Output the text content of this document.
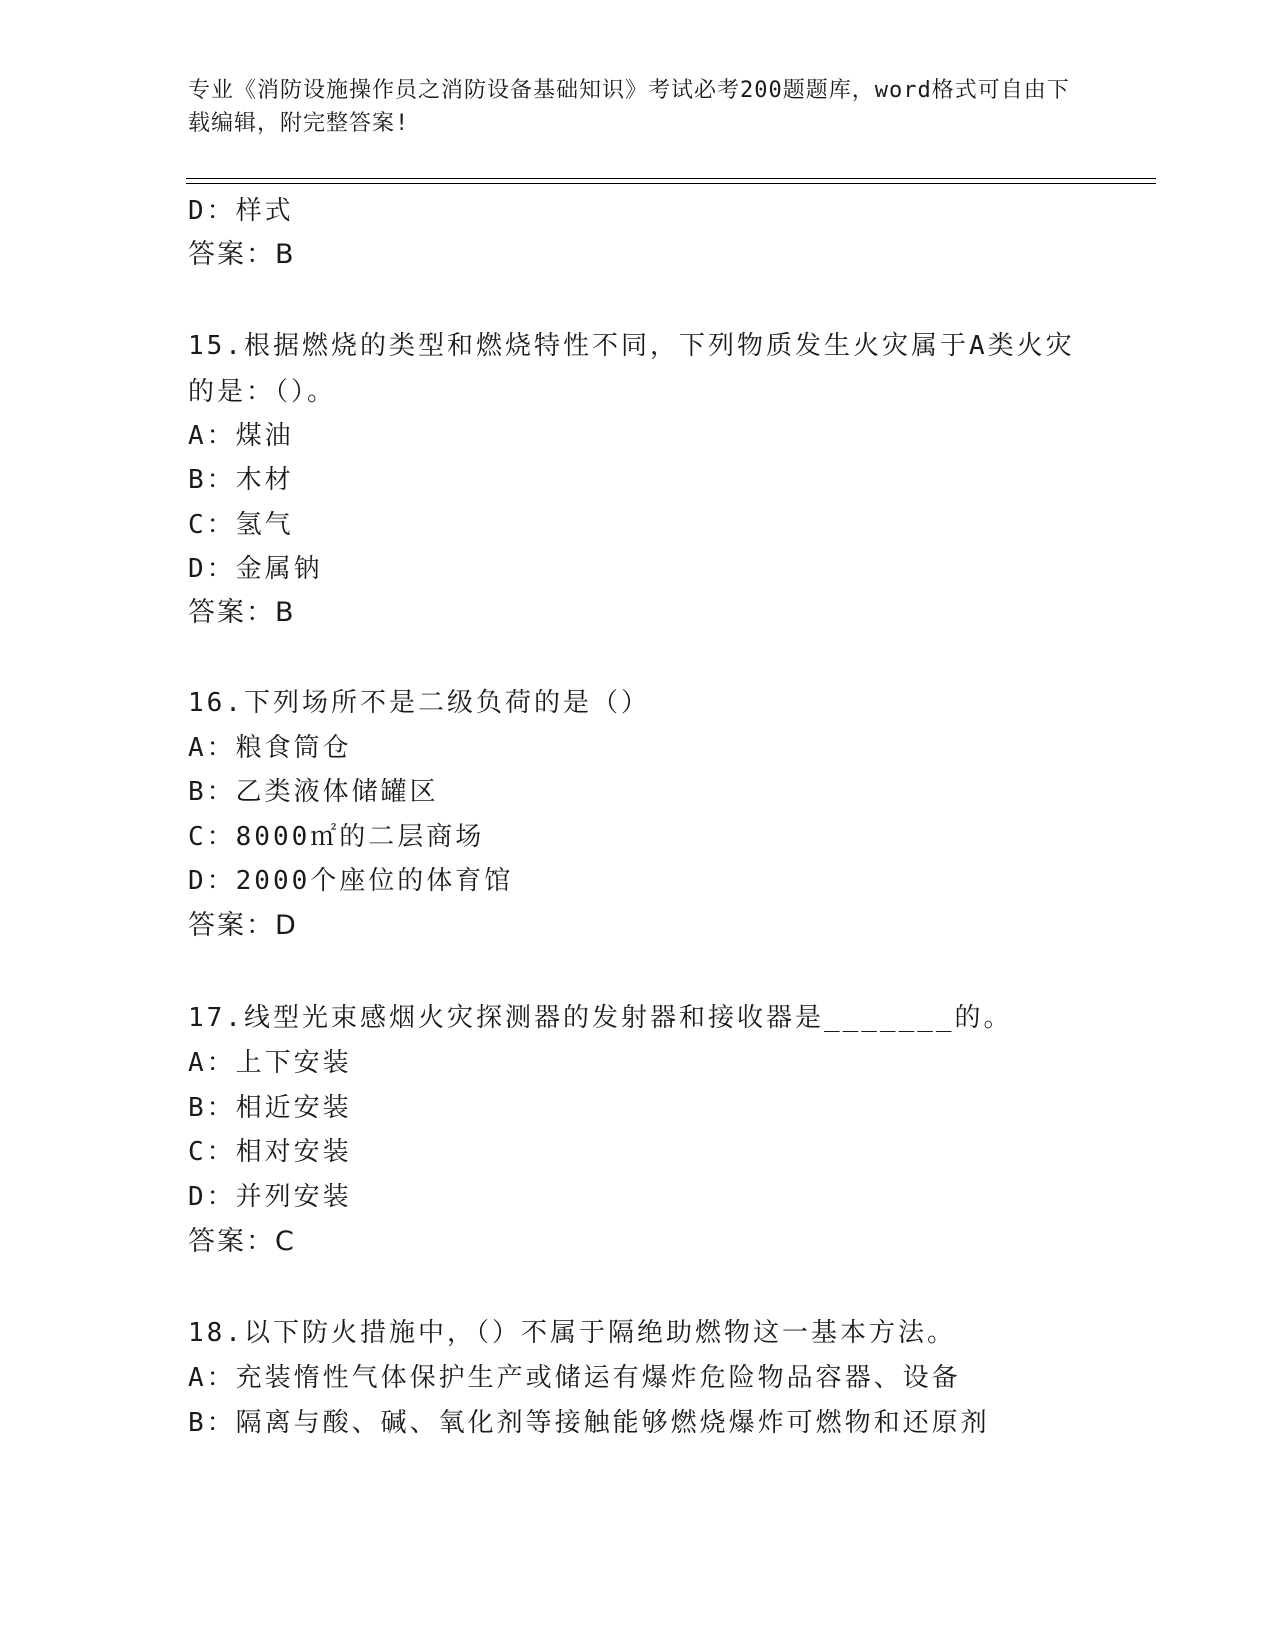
专业《消防设施操作员之消防设备基础知识》考试必考200题题库，word格式可自由下载编辑，附完整答案!
D：样式
答案：B
15.根据燃烧的类型和燃烧特性不同，下列物质发生火灾属于A类火灾的是：（）。
A：煤油
B：木材
C：氢气
D：金属钠
答案：B
16.下列场所不是二级负荷的是（）
A：粮食筒仓
B：乙类液体储罐区
C：8000㎡的二层商场
D：2000个座位的体育馆
答案：D
17.线型光束感烟火灾探测器的发射器和接收器是_______的。
A：上下安装
B：相近安装
C：相对安装
D：并列安装
答案：C
18.以下防火措施中，（）不属于隔绝助燃物这一基本方法。
A：充装惰性气体保护生产或储运有爆炸危险物品容器、设备
B：隔离与酸、碱、氧化剂等接触能够燃烧爆炸可燃物和还原剂
